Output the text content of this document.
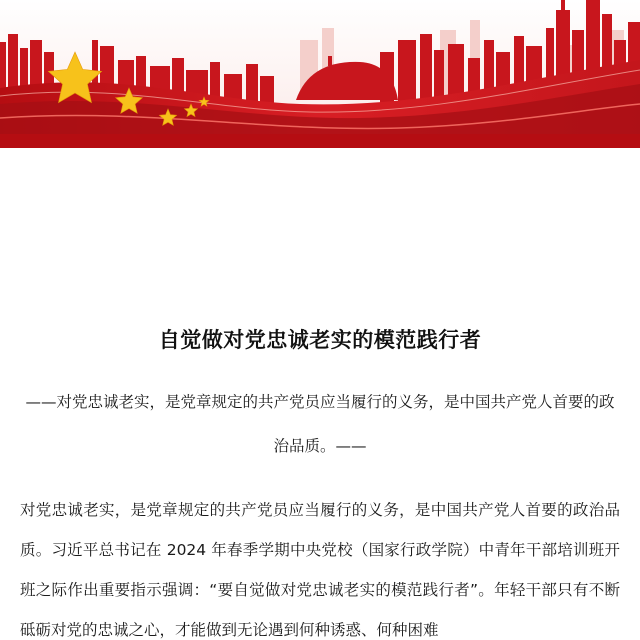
自觉做对党忠诚老实的模范践行者

——对党忠诚老实，是党章规定的共产党员应当履行的义务，是中国共产党人首要的政治品质。——

对党忠诚老实，是党章规定的共产党员应当履行的义务，是中国共产党人首要的政治品质。习近平总书记在 2024 年春季学期中央党校（国家行政学院）中青年干部培训班开班之际作出重要指示强调：“要自觉做对党忠诚老实的模范践行者”。年轻干部只有不断砥砺对党的忠诚之心，才能做到无论遇到何种诱惑、何种困难
